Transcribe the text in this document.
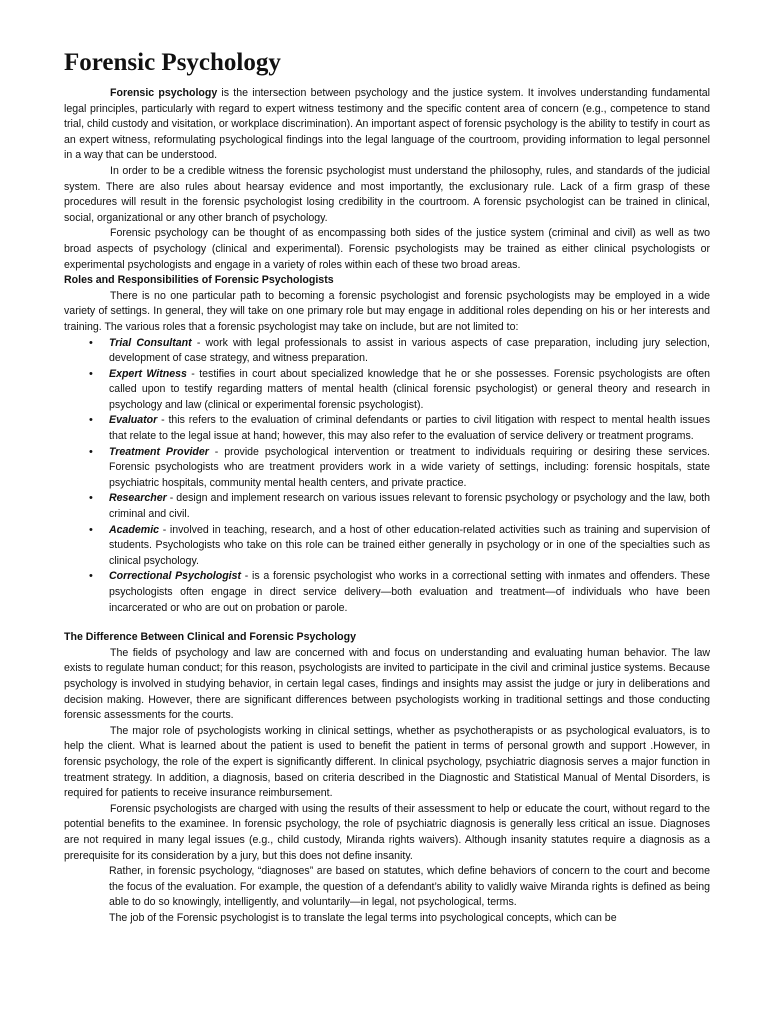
Forensic Psychology

Forensic psychology is the intersection between psychology and the justice system. It involves understanding fundamental legal principles, particularly with regard to expert witness testimony and the specific content area of concern (e.g., competence to stand trial, child custody and visitation, or workplace discrimination). An important aspect of forensic psychology is the ability to testify in court as an expert witness, reformulating psychological findings into the legal language of the courtroom, providing information to legal personnel in a way that can be understood.

In order to be a credible witness the forensic psychologist must understand the philosophy, rules, and standards of the judicial system. There are also rules about hearsay evidence and most importantly, the exclusionary rule. Lack of a firm grasp of these procedures will result in the forensic psychologist losing credibility in the courtroom. A forensic psychologist can be trained in clinical, social, organizational or any other branch of psychology.

Forensic psychology can be thought of as encompassing both sides of the justice system (criminal and civil) as well as two broad aspects of psychology (clinical and experimental). Forensic psychologists may be trained as either clinical psychologists or experimental psychologists and engage in a variety of roles within each of these two broad areas.

Roles and Responsibilities of Forensic Psychologists

There is no one particular path to becoming a forensic psychologist and forensic psychologists may be employed in a wide variety of settings. In general, they will take on one primary role but may engage in additional roles depending on his or her interests and training. The various roles that a forensic psychologist may take on include, but are not limited to:

• Trial Consultant - work with legal professionals to assist in various aspects of case preparation, including jury selection, development of case strategy, and witness preparation.
• Expert Witness - testifies in court about specialized knowledge that he or she possesses. Forensic psychologists are often called upon to testify regarding matters of mental health (clinical forensic psychologist) or general theory and research in psychology and law (clinical or experimental forensic psychologist).
• Evaluator - this refers to the evaluation of criminal defendants or parties to civil litigation with respect to mental health issues that relate to the legal issue at hand; however, this may also refer to the evaluation of service delivery or treatment programs.
• Treatment Provider - provide psychological intervention or treatment to individuals requiring or desiring these services. Forensic psychologists who are treatment providers work in a wide variety of settings, including: forensic hospitals, state psychiatric hospitals, community mental health centers, and private practice.
• Researcher - design and implement research on various issues relevant to forensic psychology or psychology and the law, both criminal and civil.
• Academic - involved in teaching, research, and a host of other education-related activities such as training and supervision of students. Psychologists who take on this role can be trained either generally in psychology or in one of the specialties such as clinical psychology.
• Correctional Psychologist - is a forensic psychologist who works in a correctional setting with inmates and offenders. These psychologists often engage in direct service delivery—both evaluation and treatment—of individuals who have been incarcerated or who are out on probation or parole.

The Difference Between Clinical and Forensic Psychology

The fields of psychology and law are concerned with and focus on understanding and evaluating human behavior. The law exists to regulate human conduct; for this reason, psychologists are invited to participate in the civil and criminal justice systems. Because psychology is involved in studying behavior, in certain legal cases, findings and insights may assist the judge or jury in deliberations and decision making. However, there are significant differences between psychologists working in traditional settings and those conducting forensic assessments for the courts.

The major role of psychologists working in clinical settings, whether as psychotherapists or as psychological evaluators, is to help the client. What is learned about the patient is used to benefit the patient in terms of personal growth and support .However, in forensic psychology, the role of the expert is significantly different. In clinical psychology, psychiatric diagnosis serves a major function in treatment strategy. In addition, a diagnosis, based on criteria described in the Diagnostic and Statistical Manual of Mental Disorders, is required for patients to receive insurance reimbursement.

Forensic psychologists are charged with using the results of their assessment to help or educate the court, without regard to the potential benefits to the examinee. In forensic psychology, the role of psychiatric diagnosis is generally less critical an issue. Diagnoses are not required in many legal issues (e.g., child custody, Miranda rights waivers). Although insanity statutes require a diagnosis as a prerequisite for its consideration by a jury, but this does not define insanity.

Rather, in forensic psychology, “diagnoses” are based on statutes, which define behaviors of concern to the court and become the focus of the evaluation. For example, the question of a defendant’s ability to validly waive Miranda rights is defined as being able to do so knowingly, intelligently, and voluntarily—in legal, not psychological, terms.

The job of the Forensic psychologist is to translate the legal terms into psychological concepts, which can be
